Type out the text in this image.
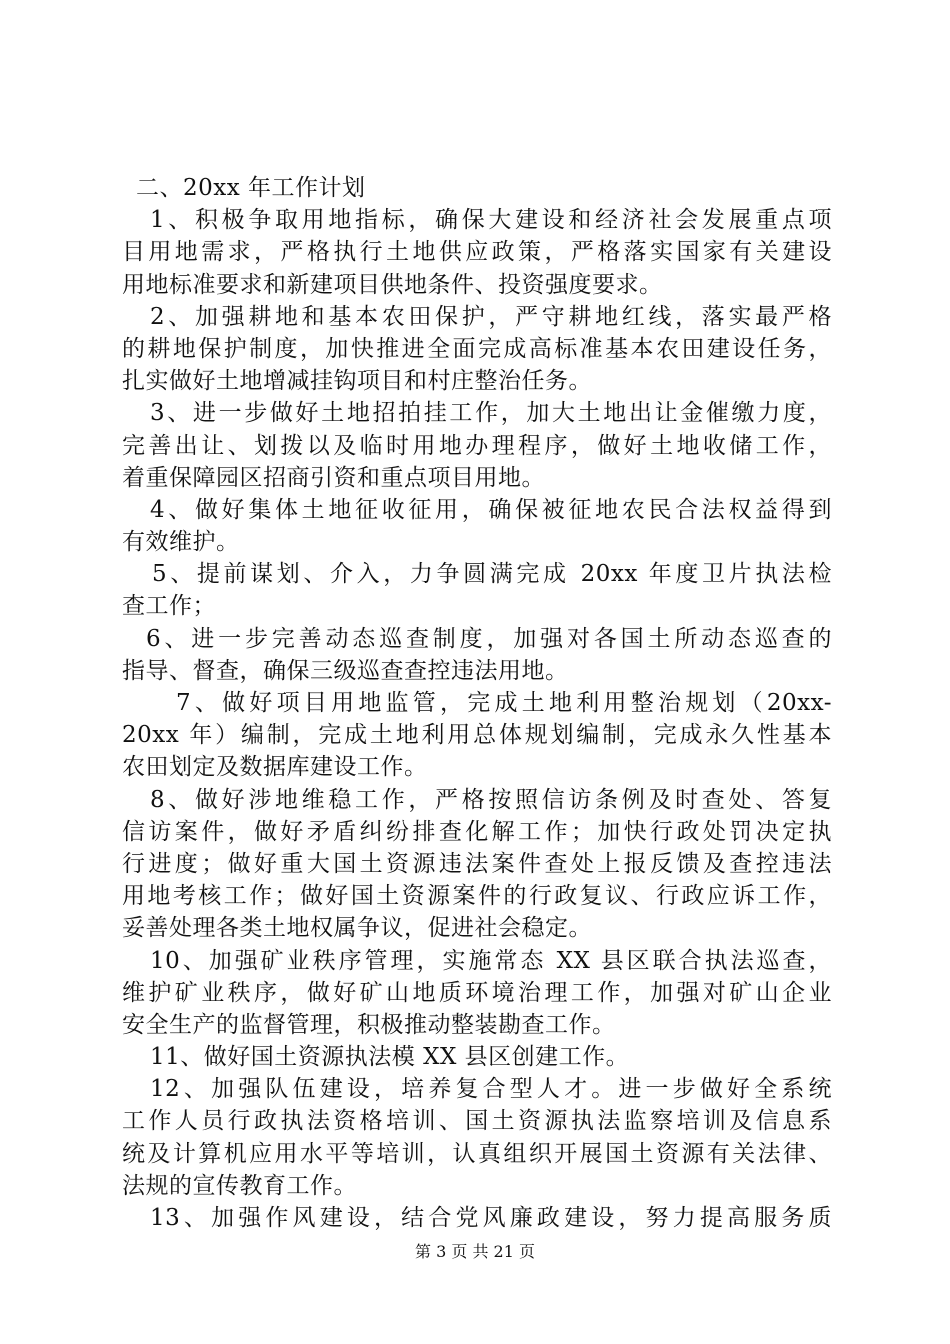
二、20xx 年工作计划
1、积极争取用地指标，确保大建设和经济社会发展重点项
目用地需求，严格执行土地供应政策，严格落实国家有关建设
用地标准要求和新建项目供地条件、投资强度要求。
2、加强耕地和基本农田保护，严守耕地红线，落实最严格
的耕地保护制度，加快推进全面完成高标准基本农田建设任务，
扎实做好土地增减挂钩项目和村庄整治任务。
3、进一步做好土地招拍挂工作，加大土地出让金催缴力度，
完善出让、划拨以及临时用地办理程序，做好土地收储工作，
着重保障园区招商引资和重点项目用地。
4、做好集体土地征收征用，确保被征地农民合法权益得到
有效维护。
5、提前谋划、介入，力争圆满完成 20xx 年度卫片执法检
查工作；
6、进一步完善动态巡查制度，加强对各国土所动态巡查的
指导、督查，确保三级巡查查控违法用地。
7、做好项目用地监管，完成土地利用整治规划（20xx-
20xx 年）编制，完成土地利用总体规划编制，完成永久性基本
农田划定及数据库建设工作。
8、做好涉地维稳工作，严格按照信访条例及时查处、答复
信访案件，做好矛盾纠纷排查化解工作；加快行政处罚决定执
行进度；做好重大国土资源违法案件查处上报反馈及查控违法
用地考核工作；做好国土资源案件的行政复议、行政应诉工作，
妥善处理各类土地权属争议，促进社会稳定。
10、加强矿业秩序管理，实施常态 XX 县区联合执法巡查，
维护矿业秩序，做好矿山地质环境治理工作，加强对矿山企业
安全生产的监督管理，积极推动整装勘查工作。
11、做好国土资源执法模 XX 县区创建工作。
12、加强队伍建设，培养复合型人才。进一步做好全系统
工作人员行政执法资格培训、国土资源执法监察培训及信息系
统及计算机应用水平等培训，认真组织开展国土资源有关法律、
法规的宣传教育工作。
13、加强作风建设，结合党风廉政建设，努力提高服务质
第 3 页 共 21 页
